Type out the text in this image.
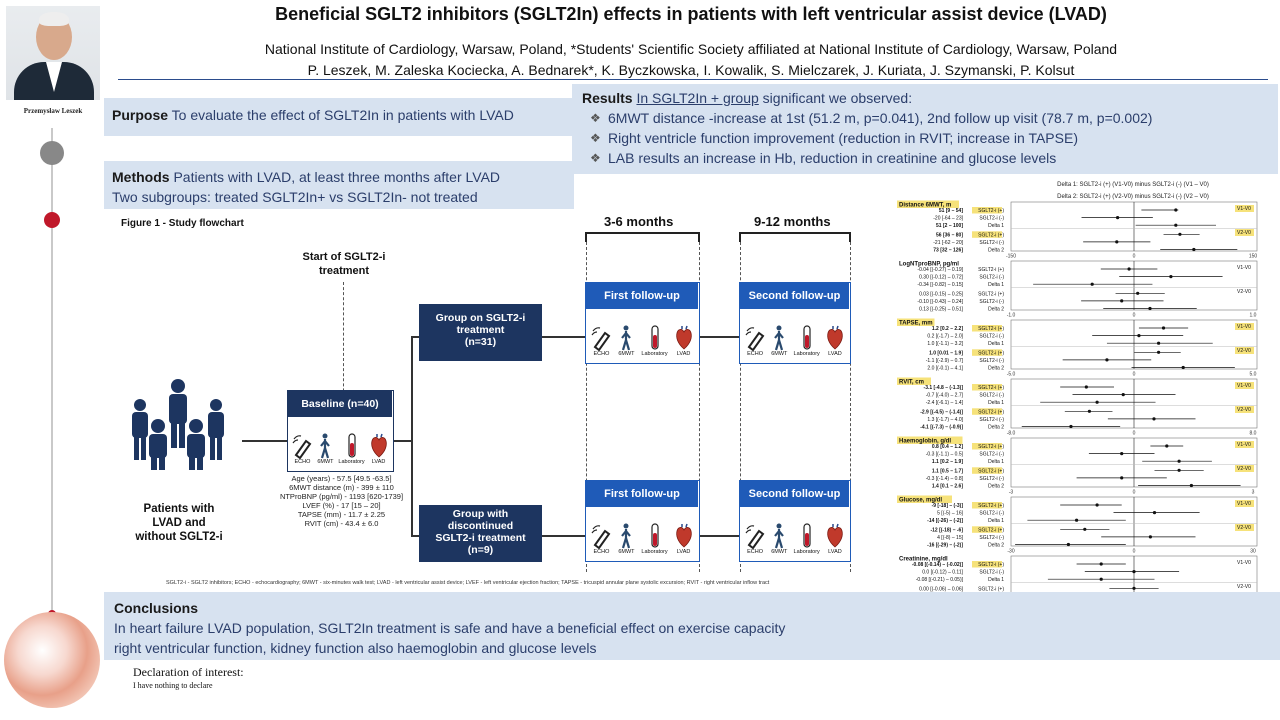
Przemysław Leszek
Beneficial SGLT2 inhibitors (SGLT2In) effects in patients with left ventricular assist device (LVAD)
National Institute of Cardiology, Warsaw, Poland, *Students' Scientific Society affiliated at National Institute of Cardiology, Warsaw, Poland
P. Leszek, M. Zaleska Kociecka, A. Bednarek*, K. Byczkowska, I. Kowalik, S. Mielczarek, J. Kuriata, J. Szymanski, P. Kolsut
Purpose To evaluate the effect of SGLT2In in patients with LVAD
Results In SGLT2In + group significant we observed:
❖ 6MWT distance -increase at 1st (51.2 m, p=0.041), 2nd follow up visit (78.7 m, p=0.002)
❖ Right ventricle function improvement (reduction in RVIT; increase in TAPSE)
❖ LAB results an increase in Hb, reduction in creatinine and glucose levels
Methods Patients with LVAD, at least three months after LVAD
Two subgroups: treated SGLT2In+ vs SGLT2In- not treated
Figure 1 - Study flowchart	3-6 months	9-12 months
Start of SGLT2-i
treatment
Patients with
LVAD and
without SGLT2-i
Baseline (n=40)
ECHO 6MWT Laboratory LVAD
Age (years) - 57.5 [49.5 -63.5]
6MWT distance (m) - 399 ± 110
NTProBNP (pg/ml) - 1193 [620-1739]
LVEF (%) - 17 [15 – 20]
TAPSE (mm) - 11.7 ± 2.25
RVIT (cm) - 43.4 ± 6.0
Group on SGLT2-i
treatment
(n=31)
Group with
discontinued
SGLT2-i treatment
(n=9)
First follow-up
ECHO 6MWT Laboratory LVAD
Second follow-up
ECHO 6MWT Laboratory LVAD
First follow-up
ECHO 6MWT Laboratory LVAD
Second follow-up
ECHO 6MWT Laboratory LVAD
SGLT2-i - SGLT2 inhibitors; ECHO - echocardiography; 6MWT - six-minutes walk test; LVAD - left ventricular assist device; LVEF - left ventricular ejection fraction; TAPSE - tricuspid annular plane systolic excursion; RVIT - right ventricular inflow tract
Delta 1: SGLT2-i (+) (V1-V0) minus SGLT2-i (-) (V1 – V0)
Delta 2: SGLT2-i (+) (V2-V0) minus SGLT2-i (-) (V2 – V0)
Distance 6MWT, m
-150	0	150
V1-V0
V2-V0
51 [9 – 54]	SGLT2-i (+)
-20 [-64 – 23]	SGLT2-i (-)
51 [2 – 100]	Delta 1
56 [36 – 80]	SGLT2-i (+)
-21 [-62 – 20]	SGLT2-i (-)
73 [32 – 126]	Delta 2
LogNTproBNP, pg/ml
-1.0	0	1.0
V1-V0
V2-V0
-0.04 [(-0.27) – 0.19]	SGLT2-i (+)
0.30 [(-0.12) – 0.72]	SGLT2-i (-)
-0.34 [(-0.82) – 0.15]	Delta 1
0.03 [(-0.15) – 0.25]	SGLT2-i (+)
-0.10 [(-0.43) – 0.24]	SGLT2-i (-)
0.13 [(-0.25) – 0.51]	Delta 2
TAPSE, mm
-5.0	0	5.0
V1-V0
V2-V0
1.2 [0.2 – 2.2]	SGLT2-i (+)
0.2 [(-1.7) – 2.0]	SGLT2-i (-)
1.0 [(-1.1) – 3.2]	Delta 1
1.0 [0.01 – 1.9]	SGLT2-i (+)
-1.1 [(-2.9) – 0.7]	SGLT2-i (-)
2.0 [(-0.1) – 4.1]	Delta 2
RVIT, cm
-8.0	0	8.0
V1-V0
V2-V0
-3.1 [-4.8 – (-1.3)]	SGLT2-i (+)
-0.7 [(-4.0) – 2.7]	SGLT2-i (-)
-2.4 [(-6.1) – 1.4]	Delta 1
-2.9 [(-4.5) – (-1.4)]	SGLT2-i (+)
1.3 [(-1.7) – 4.0]	SGLT2-i (-)
-4.1 [(-7.3) – (-0.9)]	Delta 2
Haemoglobin, g/dl
-3	0	3
V1-V0
V2-V0
0.8 [0.4 – 1.2]	SGLT2-i (+)
-0.3 [(-1.1) – 0.5]	SGLT2-i (-)
1.1 [0.2 – 1.9]	Delta 1
1.1 [0.5 – 1.7]	SGLT2-i (+)
-0.3 [(-1.4) – 0.8]	SGLT2-i (-)
1.4 [0.1 – 2.6]	Delta 2
Glucose, mg/dl
-30	0	30
V1-V0
V2-V0
-9 [-18] – (-3)]	SGLT2-i (+)
5 [(-5) – 16]	SGLT2-i (-)
-14 [(-26) – (-2)]	Delta 1
-12 [(-18) – -6]	SGLT2-i (+)
4 [(-8) – 15]	SGLT2-i (-)
-16 [(-29) – (-2)]	Delta 2
Creatinine, mg/dl
V1-V0
V2-V0
-0.08 [(-0.14) – (-0.02)]	SGLT2-i (+)
0.0 [(-0.12) – 0.11]	SGLT2-i (-)
-0.08 [(-0.21) – 0.05)]	Delta 1
0.00 [(-0.06) – 0.06]	SGLT2-i (+)
Conclusions
In heart failure LVAD population, SGLT2In treatment is safe and have a beneficial effect on exercise capacity
right ventricular function, kidney function also haemoglobin and glucose levels
Declaration of interest:
I have nothing to declare
